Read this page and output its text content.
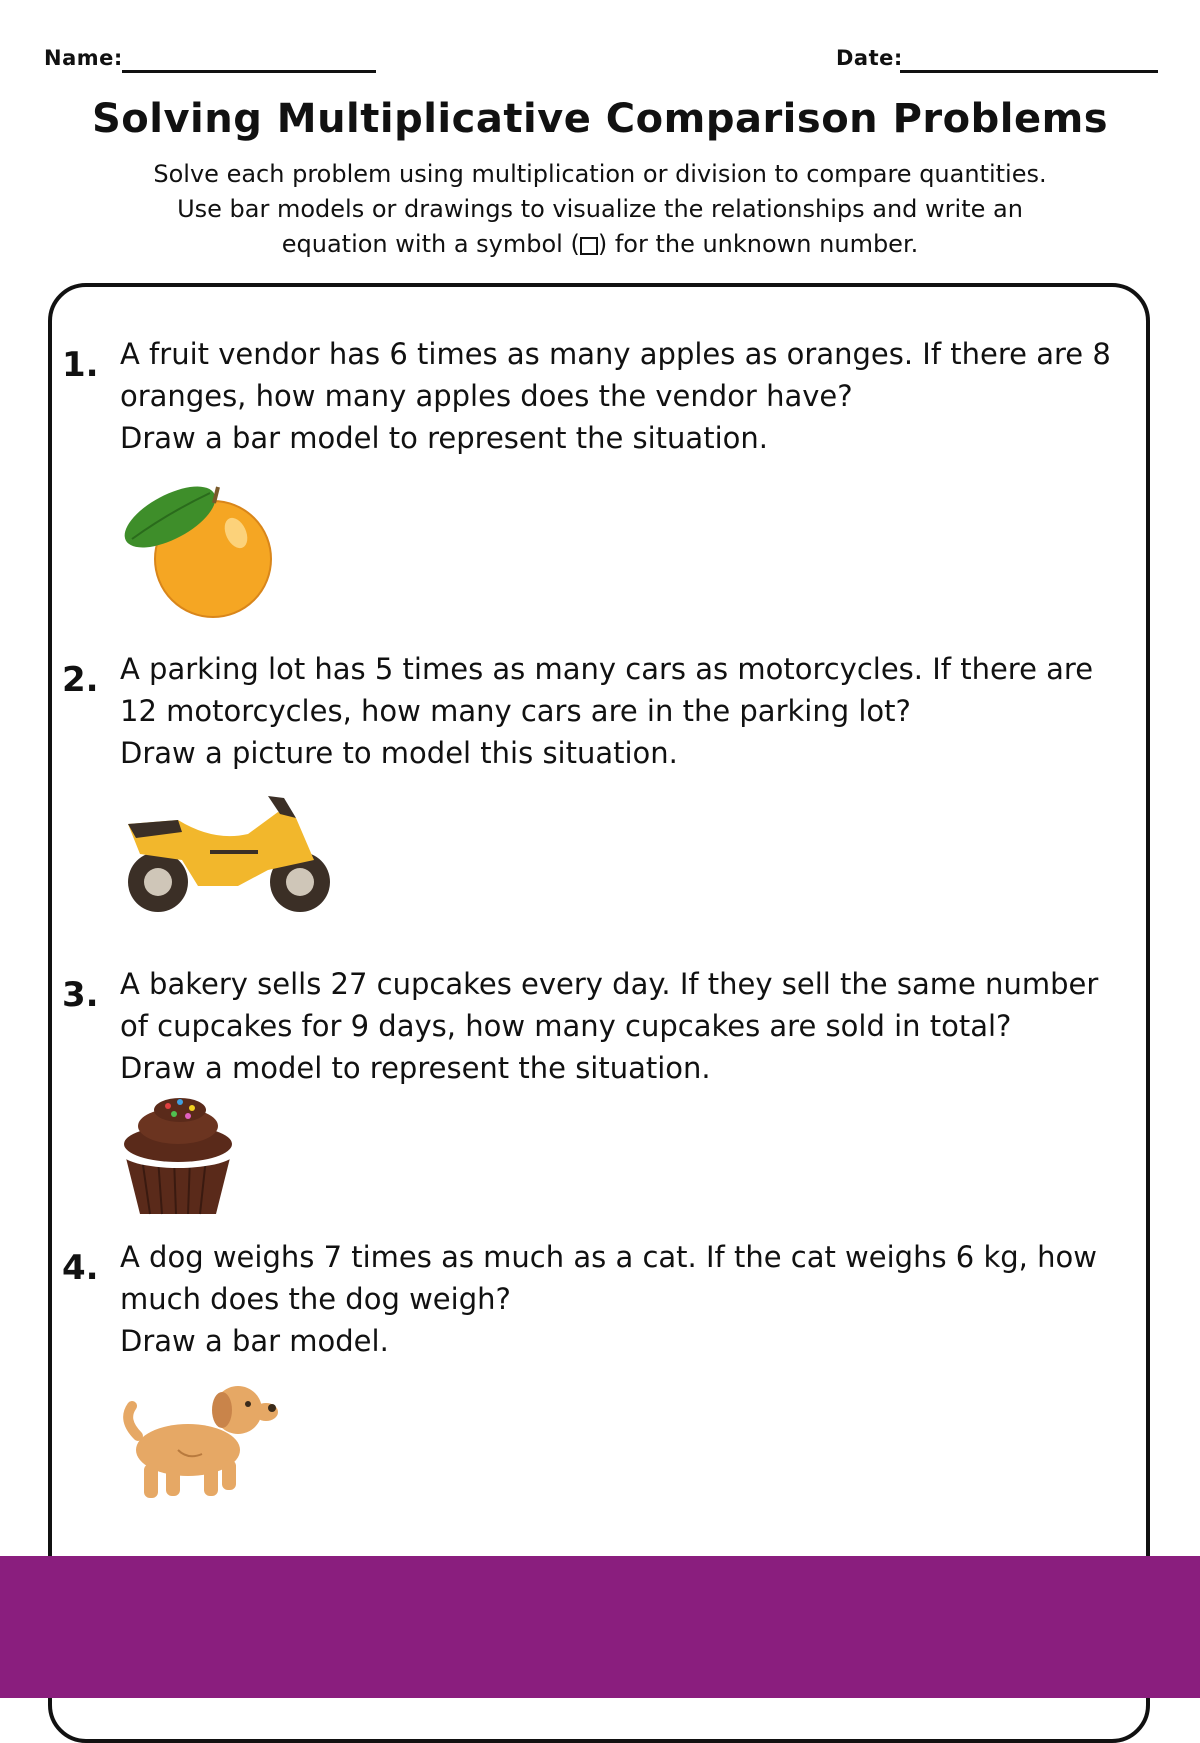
Name:	Date:
Solving Multiplicative Comparison Problems

Solve each problem using multiplication or division to compare quantities.
Use bar models or drawings to visualize the relationships and write an
equation with a symbol ( ) for the unknown number.

1. A fruit vendor has 6 times as many apples as oranges. If there are 8
oranges, how many apples does the vendor have?
Draw a bar model to represent the situation.
2. A parking lot has 5 times as many cars as motorcycles. If there are
12 motorcycles, how many cars are in the parking lot?
Draw a picture to model this situation.
3. A bakery sells 27 cupcakes every day. If they sell the same number
of cupcakes for 9 days, how many cupcakes are sold in total?
Draw a model to represent the situation.
4. A dog weighs 7 times as much as a cat. If the cat weighs 6 kg, how
much does the dog weigh?
Draw a bar model.
